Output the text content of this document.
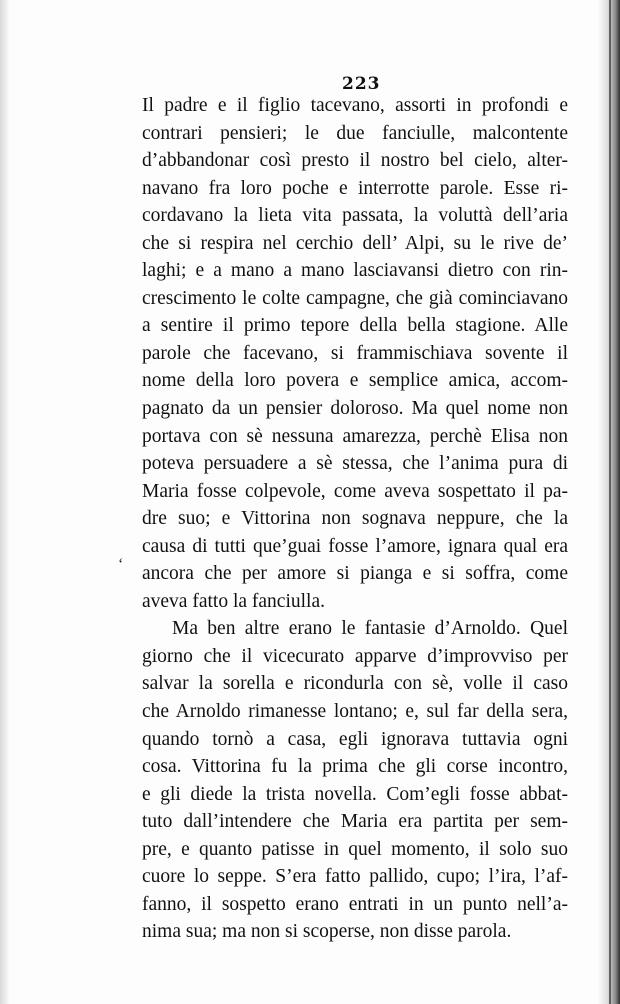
223
ʻ
Il padre e il figlio tacevano, assorti in profondi e
contrari pensieri; le due fanciulle, malcontente
d’abbandonar così presto il nostro bel cielo, alter-
navano fra loro poche e interrotte parole. Esse ri-
cordavano la lieta vita passata, la voluttà dell’aria
che si respira nel cerchio dell’ Alpi, su le rive de’
laghi; e a mano a mano lasciavansi dietro con rin-
crescimento le colte campagne, che già cominciavano
a sentire il primo tepore della bella stagione. Alle
parole che facevano, si frammischiava sovente il
nome della loro povera e semplice amica, accom-
pagnato da un pensier doloroso. Ma quel nome non
portava con sè nessuna amarezza, perchè Elisa non
poteva persuadere a sè stessa, che l’anima pura di
Maria fosse colpevole, come aveva sospettato il pa-
dre suo; e Vittorina non sognava neppure, che la
causa di tutti que’guai fosse l’amore, ignara qual era
ancora che per amore si pianga e si soffra, come
aveva fatto la fanciulla.
Ma ben altre erano le fantasie d’Arnoldo. Quel
giorno che il vicecurato apparve d’improvviso per
salvar la sorella e ricondurla con sè, volle il caso
che Arnoldo rimanesse lontano; e, sul far della sera,
quando tornò a casa, egli ignorava tuttavia ogni
cosa. Vittorina fu la prima che gli corse incontro,
e gli diede la trista novella. Com’egli fosse abbat-
tuto dall’intendere che Maria era partita per sem-
pre, e quanto patisse in quel momento, il solo suo
cuore lo seppe. S’era fatto pallido, cupo; l’ira, l’af-
fanno, il sospetto erano entrati in un punto nell’a-
nima sua; ma non si scoperse, non disse parola.
